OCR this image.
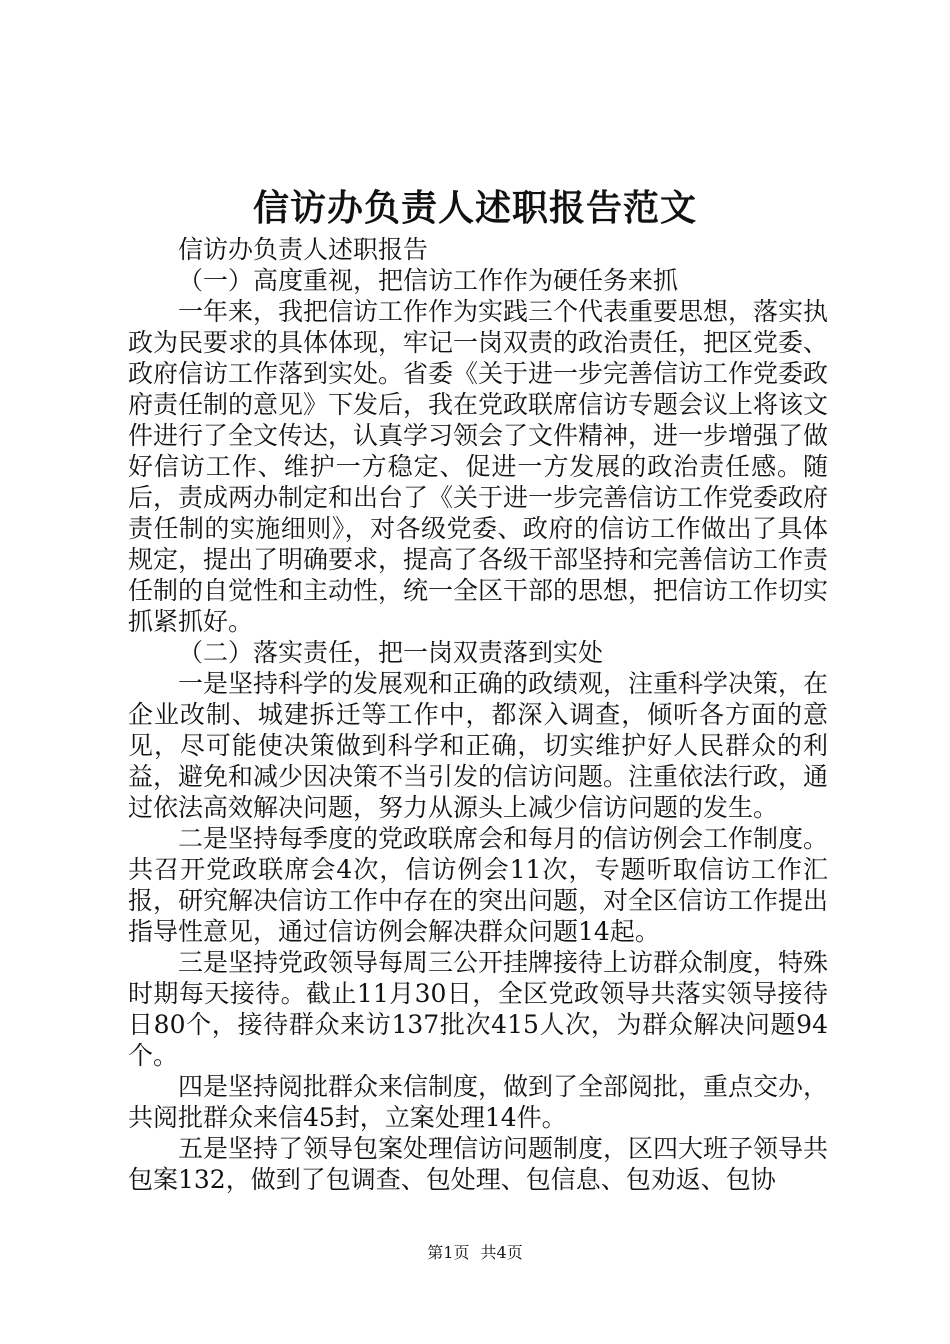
信访办负责人述职报告范文

信访办负责人述职报告

（一）高度重视，把信访工作作为硬任务来抓

一年来，我把信访工作作为实践三个代表重要思想，落实执政为民要求的具体体现，牢记一岗双责的政治责任，把区党委、政府信访工作落到实处。省委《关于进一步完善信访工作党委政府责任制的意见》下发后，我在党政联席信访专题会议上将该文件进行了全文传达，认真学习领会了文件精神，进一步增强了做好信访工作、维护一方稳定、促进一方发展的政治责任感。随后，责成两办制定和出台了《关于进一步完善信访工作党委政府责任制的实施细则》，对各级党委、政府的信访工作做出了具体规定，提出了明确要求，提高了各级干部坚持和完善信访工作责任制的自觉性和主动性，统一全区干部的思想，把信访工作切实抓紧抓好。

（二）落实责任，把一岗双责落到实处

一是坚持科学的发展观和正确的政绩观，注重科学决策，在企业改制、城建拆迁等工作中，都深入调查，倾听各方面的意见，尽可能使决策做到科学和正确，切实维护好人民群众的利益，避免和减少因决策不当引发的信访问题。注重依法行政，通过依法高效解决问题，努力从源头上减少信访问题的发生。

二是坚持每季度的党政联席会和每月的信访例会工作制度。共召开党政联席会4次，信访例会11次，专题听取信访工作汇报，研究解决信访工作中存在的突出问题，对全区信访工作提出指导性意见，通过信访例会解决群众问题14起。

三是坚持党政领导每周三公开挂牌接待上访群众制度，特殊时期每天接待。截止11月30日，全区党政领导共落实领导接待日80个，接待群众来访137批次415人次，为群众解决问题94个。

四是坚持阅批群众来信制度，做到了全部阅批，重点交办，共阅批群众来信45封，立案处理14件。

五是坚持了领导包案处理信访问题制度，区四大班子领导共包案132，做到了包调查、包处理、包信息、包劝返、包协

第1页 共4页
